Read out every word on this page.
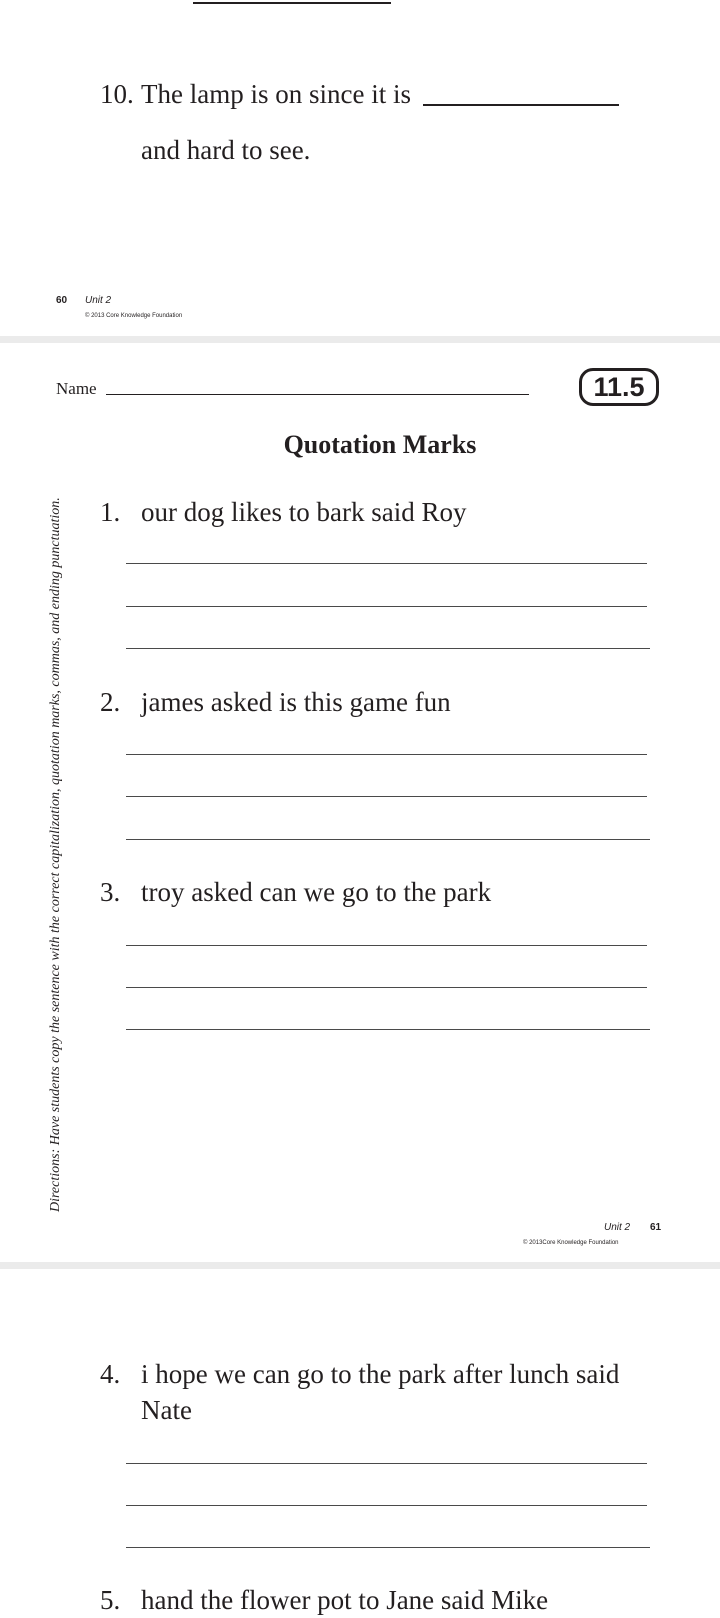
10. The lamp is on since it is
and hard to see.
60 Unit 2
© 2013 Core Knowledge Foundation
Name	11.5
Quotation Marks
Directions: Have students copy the sentence with the correct capitalization, quotation marks, commas, and ending punctuation. 1. our dog likes to bark said Roy
2. james asked is this game fun
3. troy asked can we go to the park
Unit 2 61
© 2013Core Knowledge Foundation
4. i hope we can go to the park after lunch said
Nate
5. hand the flower pot to Jane said Mike
